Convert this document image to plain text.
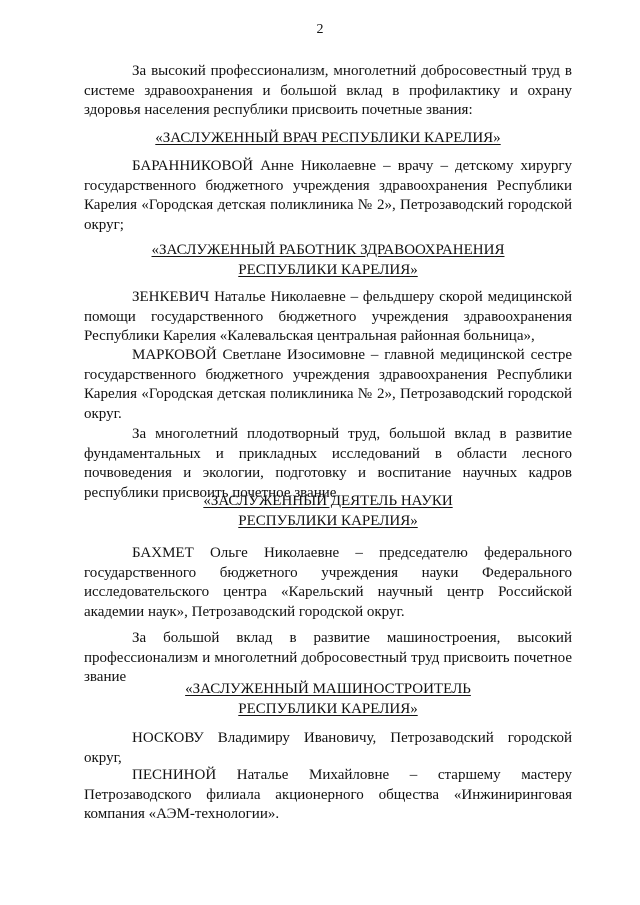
2

За высокий профессионализм, многолетний добросовестный труд в системе здравоохранения и большой вклад в профилактику и охрану здоровья населения республики присвоить почетные звания:

«ЗАСЛУЖЕННЫЙ ВРАЧ РЕСПУБЛИКИ КАРЕЛИЯ»

БАРАННИКОВОЙ Анне Николаевне – врачу – детскому хирургу государственного бюджетного учреждения здравоохранения Республики Карелия «Городская детская поликлиника № 2», Петрозаводский городской округ;

«ЗАСЛУЖЕННЫЙ РАБОТНИК ЗДРАВООХРАНЕНИЯ

РЕСПУБЛИКИ КАРЕЛИЯ»

ЗЕНКЕВИЧ Наталье Николаевне – фельдшеру скорой медицинской помощи государственного бюджетного учреждения здравоохранения Республики Карелия «Калевальская центральная районная больница»,

МАРКОВОЙ Светлане Изосимовне – главной медицинской сестре государственного бюджетного учреждения здравоохранения Республики Карелия «Городская детская поликлиника № 2», Петрозаводский городской округ.

За многолетний плодотворный труд, большой вклад в развитие фундаментальных и прикладных исследований в области лесного почвоведения и экологии, подготовку и воспитание научных кадров республики присвоить почетное звание

«ЗАСЛУЖЕННЫЙ ДЕЯТЕЛЬ НАУКИ

РЕСПУБЛИКИ КАРЕЛИЯ»

БАХМЕТ Ольге Николаевне – председателю федерального государственного бюджетного учреждения науки Федерального исследовательского центра «Карельский научный центр Российской академии наук», Петрозаводский городской округ.

За большой вклад в развитие машиностроения, высокий профессионализм и многолетний добросовестный труд присвоить почетное звание

«ЗАСЛУЖЕННЫЙ МАШИНОСТРОИТЕЛЬ

РЕСПУБЛИКИ КАРЕЛИЯ»

НОСКОВУ Владимиру Ивановичу, Петрозаводский городской округ,

ПЕСНИНОЙ Наталье Михайловне – старшему мастеру Петрозаводского филиала акционерного общества «Инжиниринговая компания «АЭМ-технологии».
